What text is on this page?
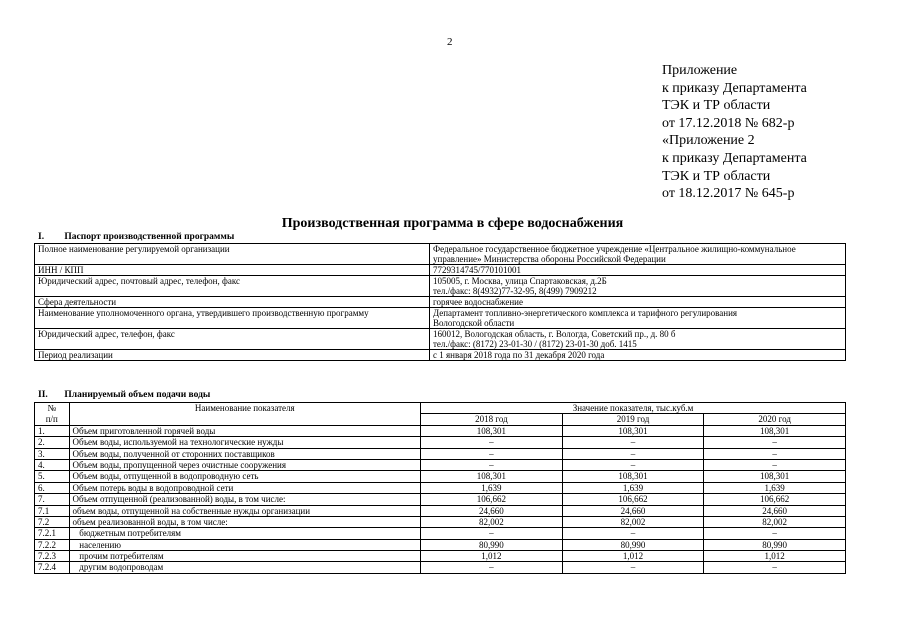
2
Приложение
к приказу Департамента
ТЭК и ТР области
от 17.12.2018 № 682-р
«Приложение 2
к приказу Департамента
ТЭК и ТР области
от 18.12.2017 № 645-р
Производственная программа в сфере водоснабжения
I. Паспорт производственной программы
Полное наименование регулируемой организации	Федеральное государственное бюджетное учреждение «Центральное жилищно-коммунальное
управление» Министерства обороны Российской Федерации

ИНН / КПП	7729314745/770101001

Юридический адрес, почтовый адрес, телефон, факс	105005, г. Москва, улица Спартаковская, д.2Б
тел./факс: 8(4932)77-32-95, 8(499) 7909212

Сфера деятельности	горячее водоснабжение

Наименование уполномоченного органа, утвердившего производственную программу	Департамент топливно-энергетического комплекса и тарифного регулирования
Вологодской области

Юридический адрес, телефон, факс	160012, Вологодская область, г. Вологда, Советский пр., д. 80 б
тел./факс: (8172) 23-01-30 / (8172) 23-01-30 доб. 1415

Период реализации	с 1 января 2018 года по 31 декабря 2020 года
II. Планируемый объем подачи воды
№	Наименование показателя	Значение показателя, тыс.куб.м		
п/п		2018 год	2019 год	2020 год
1.	Объем приготовленной горячей воды	108,301	108,301	108,301
2.	Объем воды, используемой на технологические нужды	–	–	–
3.	Объем воды, полученной от сторонних поставщиков	–	–	–
4.	Объем воды, пропущенной через очистные сооружения	–	–	–
5.	Объем воды, отпущенной в водопроводную сеть	108,301	108,301	108,301
6.	Объем потерь воды в водопроводной сети	1,639	1,639	1,639
7.	Объем отпущенной (реализованной) воды, в том числе:	106,662	106,662	106,662
7.1	объем воды, отпущенной на собственные нужды организации	24,660	24,660	24,660
7.2	объем реализованной воды, в том числе:	82,002	82,002	82,002
7.2.1	бюджетным потребителям	–	–	–
7.2.2	населению	80,990	80,990	80,990
7.2.3	прочим потребителям	1,012	1,012	1,012
7.2.4	другим водопроводам	–	–	–
